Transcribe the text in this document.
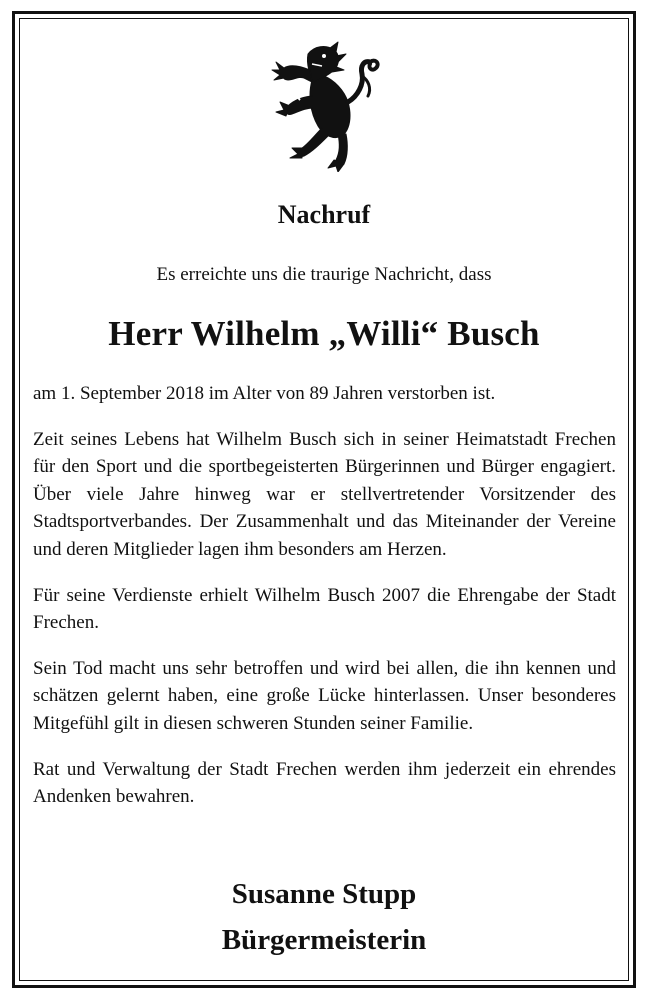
Nachruf
Es erreichte uns die traurige Nachricht, dass
Herr Wilhelm „Willi“ Busch

am 1. September 2018 im Alter von 89 Jahren verstorben ist.

Zeit seines Lebens hat Wilhelm Busch sich in seiner Heimatstadt Frechen für den Sport und die sportbegeisterten Bürgerinnen und Bürger engagiert. Über viele Jahre hinweg war er stellvertretender Vorsitzender des Stadtsportverbandes. Der Zusammenhalt und das Miteinander der Vereine und deren Mitglieder lagen ihm besonders am Herzen.

Für seine Verdienste erhielt Wilhelm Busch 2007 die Ehrengabe der Stadt Frechen.

Sein Tod macht uns sehr betroffen und wird bei allen, die ihn kennen und schätzen gelernt haben, eine große Lücke hinterlassen. Unser besonderes Mitgefühl gilt in diesen schweren Stunden seiner Familie.

Rat und Verwaltung der Stadt Frechen werden ihm jederzeit ein ehrendes Andenken bewahren.

Susanne Stupp
Bürgermeisterin
